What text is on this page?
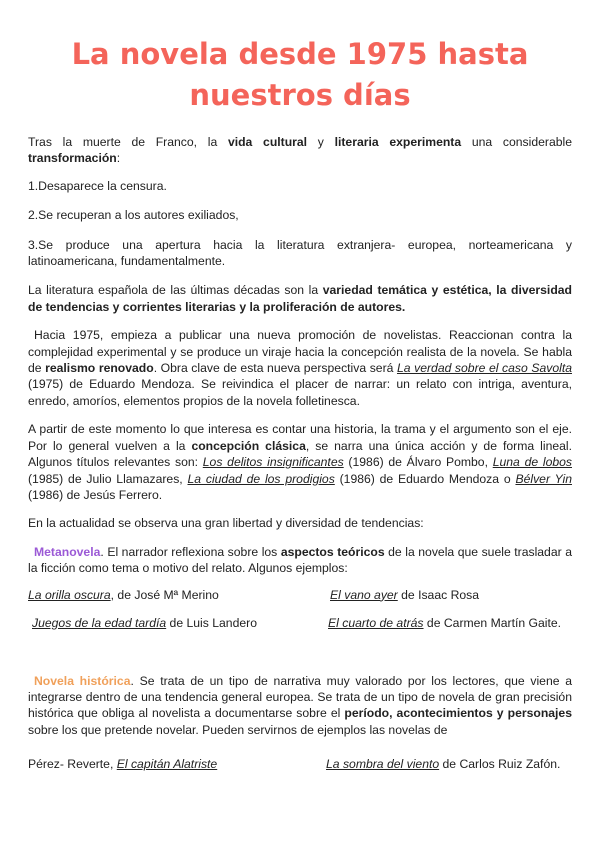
La novela desde 1975 hasta
nuestros días

Tras la muerte de Franco, la vida cultural y literaria experimenta una considerable transformación:

1.Desaparece la censura.

2.Se recuperan a los autores exiliados,

3.Se produce una apertura hacia la literatura extranjera- europea, norteamericana y latinoamericana, fundamentalmente.

La literatura española de las últimas décadas son la variedad temática y estética, la diversidad de tendencias y corrientes literarias y la proliferación de autores.

Hacia 1975, empieza a publicar una nueva promoción de novelistas. Reaccionan contra la complejidad experimental y se produce un viraje hacia la concepción realista de la novela. Se habla de realismo renovado. Obra clave de esta nueva perspectiva será La verdad sobre el caso Savolta (1975) de Eduardo Mendoza. Se reivindica el placer de narrar: un relato con intriga, aventura, enredo, amoríos, elementos propios de la novela folletinesca.

A partir de este momento lo que interesa es contar una historia, la trama y el argumento son el eje. Por lo general vuelven a la concepción clásica, se narra una única acción y de forma lineal. Algunos títulos relevantes son: Los delitos insignificantes (1986) de Álvaro Pombo, Luna de lobos (1985) de Julio Llamazares, La ciudad de los prodigios (1986) de Eduardo Mendoza o Bélver Yin (1986) de Jesús Ferrero.

En la actualidad se observa una gran libertad y diversidad de tendencias:

Metanovela. El narrador reflexiona sobre los aspectos teóricos de la novela que suele trasladar a la ficción como tema o motivo del relato. Algunos ejemplos:

La orilla oscura, de José Mª Merino	El vano ayer de Isaac Rosa
Juegos de la edad tardía de Luis Landero	El cuarto de atrás de Carmen Martín Gaite.

Novela histórica. Se trata de un tipo de narrativa muy valorado por los lectores, que viene a integrarse dentro de una tendencia general europea. Se trata de un tipo de novela de gran precisión histórica que obliga al novelista a documentarse sobre el período, acontecimientos y personajes sobre los que pretende novelar. Pueden servirnos de ejemplos las novelas de

Pérez- Reverte, El capitán Alatriste	La sombra del viento de Carlos Ruiz Zafón.
